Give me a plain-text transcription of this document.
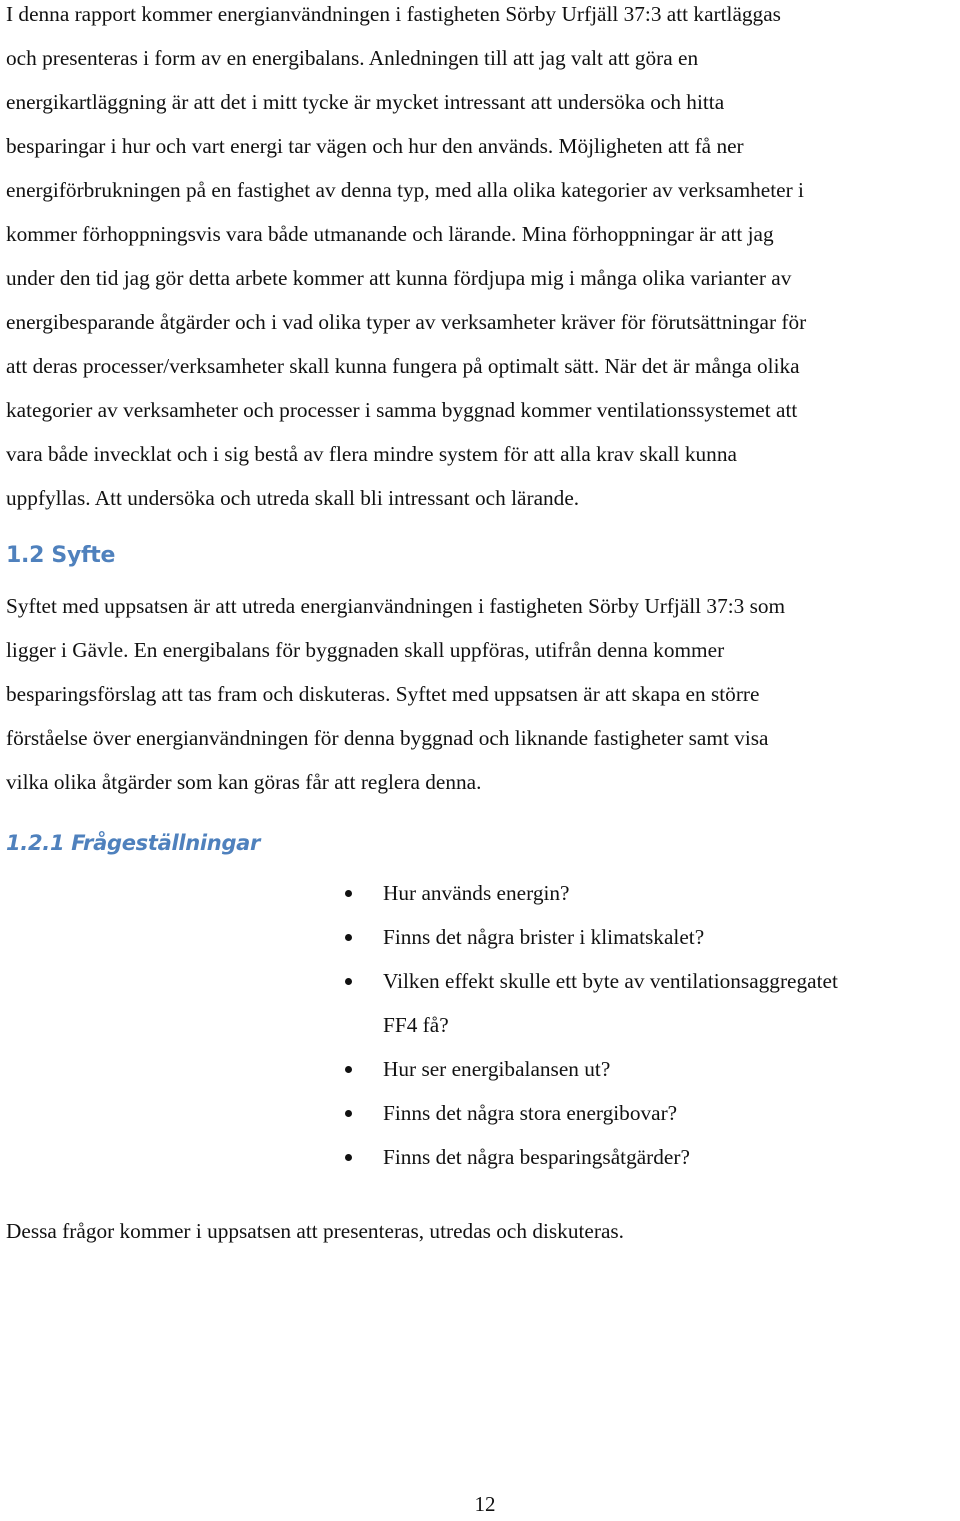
I denna rapport kommer energianvändningen i fastigheten Sörby Urfjäll 37:3 att kartläggas
och presenteras i form av en energibalans. Anledningen till att jag valt att göra en
energikartläggning är att det i mitt tycke är mycket intressant att undersöka och hitta
besparingar i hur och vart energi tar vägen och hur den används. Möjligheten att få ner
energiförbrukningen på en fastighet av denna typ, med alla olika kategorier av verksamheter i
kommer förhoppningsvis vara både utmanande och lärande. Mina förhoppningar är att jag
under den tid jag gör detta arbete kommer att kunna fördjupa mig i många olika varianter av
energibesparande åtgärder och i vad olika typer av verksamheter kräver för förutsättningar för
att deras processer/verksamheter skall kunna fungera på optimalt sätt. När det är många olika
kategorier av verksamheter och processer i samma byggnad kommer ventilationssystemet att
vara både invecklat och i sig bestå av flera mindre system för att alla krav skall kunna
uppfyllas. Att undersöka och utreda skall bli intressant och lärande.

1.2 Syfte

Syftet med uppsatsen är att utreda energianvändningen i fastigheten Sörby Urfjäll 37:3 som
ligger i Gävle. En energibalans för byggnaden skall uppföras, utifrån denna kommer
besparingsförslag att tas fram och diskuteras. Syftet med uppsatsen är att skapa en större
förståelse över energianvändningen för denna byggnad och liknande fastigheter samt visa
vilka olika åtgärder som kan göras får att reglera denna.

1.2.1 Frågeställningar
Hur används energin?
Finns det några brister i klimatskalet?
Vilken effekt skulle ett byte av ventilationsaggregatet
FF4 få?
Hur ser energibalansen ut?
Finns det några stora energibovar?
Finns det några besparingsåtgärder?

Dessa frågor kommer i uppsatsen att presenteras, utredas och diskuteras.

12
